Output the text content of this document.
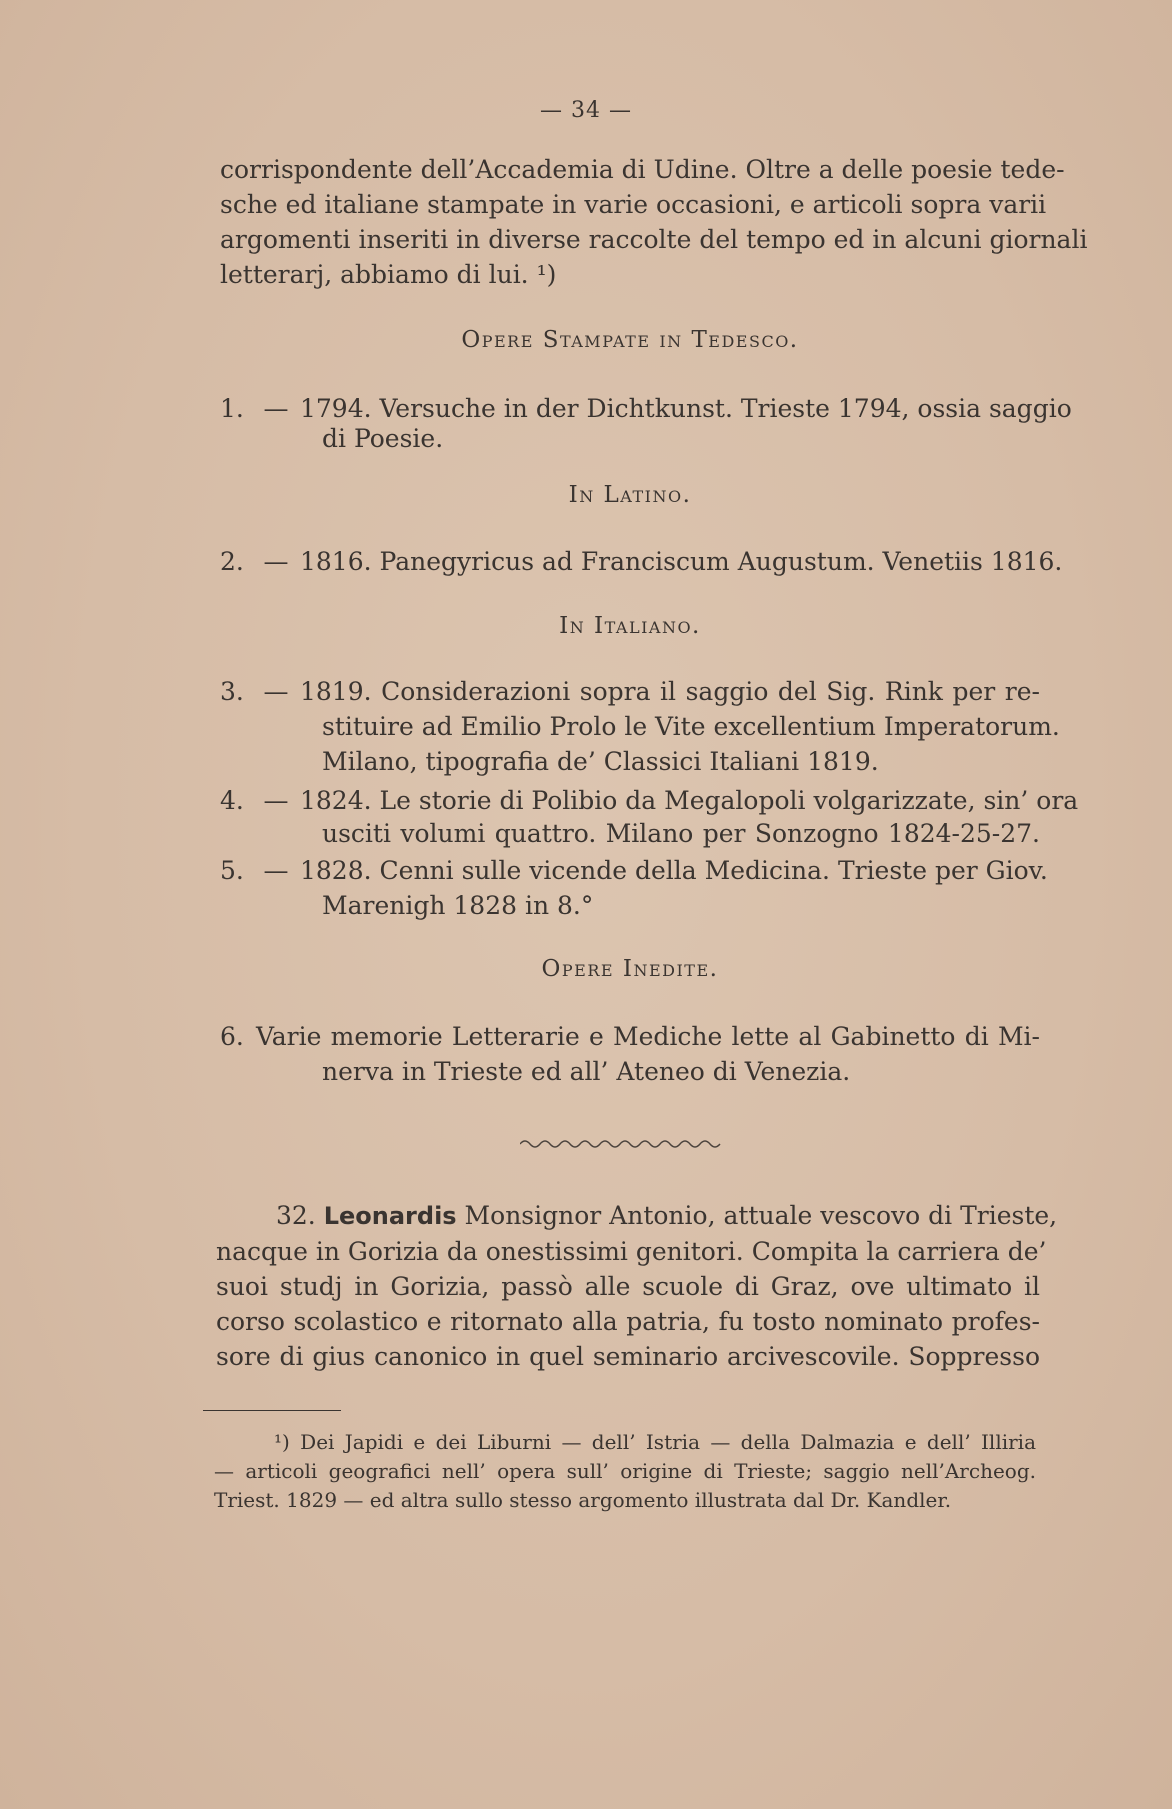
— 34 —
corrispondente dell’Accademia di Udine. Oltre a delle poesie tede-
sche ed italiane stampate in varie occasioni, e articoli sopra varii
argomenti inseriti in diverse raccolte del tempo ed in alcuni giornali
letterarj, abbiamo di lui. ¹)
Opere Stampate in Tedesco.
1. — 1794. Versuche in der Dichtkunst. Trieste 1794, ossia saggio
di Poesie.
In Latino.
2. — 1816. Panegyricus ad Franciscum Augustum. Venetiis 1816.
In Italiano.
3. — 1819. Considerazioni sopra il saggio del Sig. Rink per re-
stituire ad Emilio Prolo le Vite excellentium Imperatorum.
Milano, tipografia de’ Classici Italiani 1819.
4. — 1824. Le storie di Polibio da Megalopoli volgarizzate, sin’ ora
usciti volumi quattro. Milano per Sonzogno 1824-25-27.
5. — 1828. Cenni sulle vicende della Medicina. Trieste per Giov.
Marenigh 1828 in 8.°
Opere Inedite.
6. Varie memorie Letterarie e Mediche lette al Gabinetto di Mi-
nerva in Trieste ed all’ Ateneo di Venezia.
32. Leonardis Monsignor Antonio, attuale vescovo di Trieste,
nacque in Gorizia da onestissimi genitori. Compita la carriera de’
suoi studj in Gorizia, passò alle scuole di Graz, ove ultimato il
corso scolastico e ritornato alla patria, fu tosto nominato profes-
sore di gius canonico in quel seminario arcivescovile. Soppresso
¹) Dei Japidi e dei Liburni — dell’ Istria — della Dalmazia e dell’ Illiria
— articoli geografici nell’ opera sull’ origine di Trieste; saggio nell’Archeog.
Triest. 1829 — ed altra sullo stesso argomento illustrata dal Dr. Kandler.
